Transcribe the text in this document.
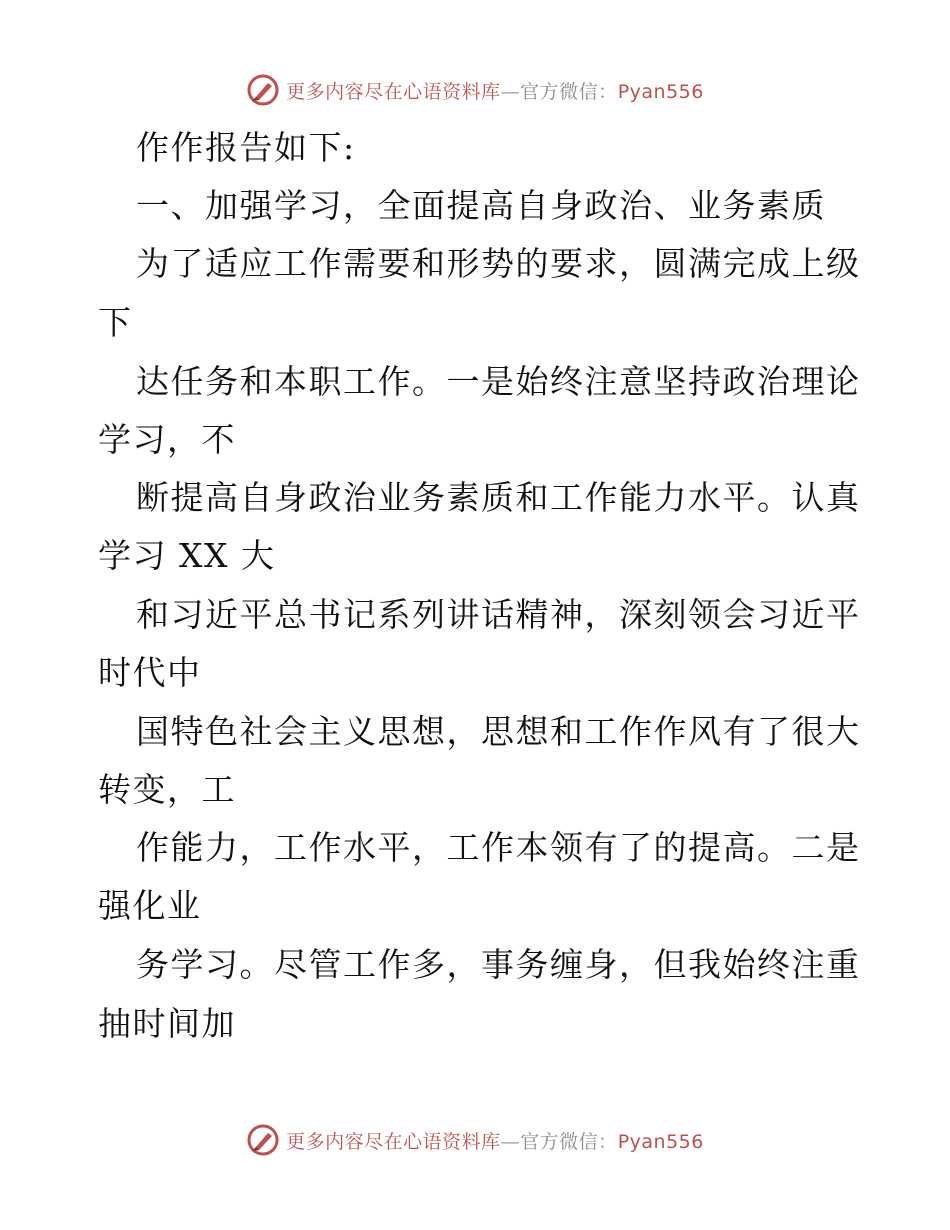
更多内容尽在心语资料库—官方微信：Pyan556
作作报告如下:
一、加强学习，全面提高自身政治、业务素质
为了适应工作需要和形势的要求，圆满完成上级
下
达任务和本职工作。一是始终注意坚持政治理论
学习，不
断提高自身政治业务素质和工作能力水平。认真
学习 XX 大
和习近平总书记系列讲话精神，深刻领会习近平
时代中
国特色社会主义思想，思想和工作作风有了很大
转变，工
作能力，工作水平，工作本领有了的提高。二是
强化业
务学习。尽管工作多，事务缠身，但我始终注重
抽时间加
更多内容尽在心语资料库—官方微信：Pyan556
